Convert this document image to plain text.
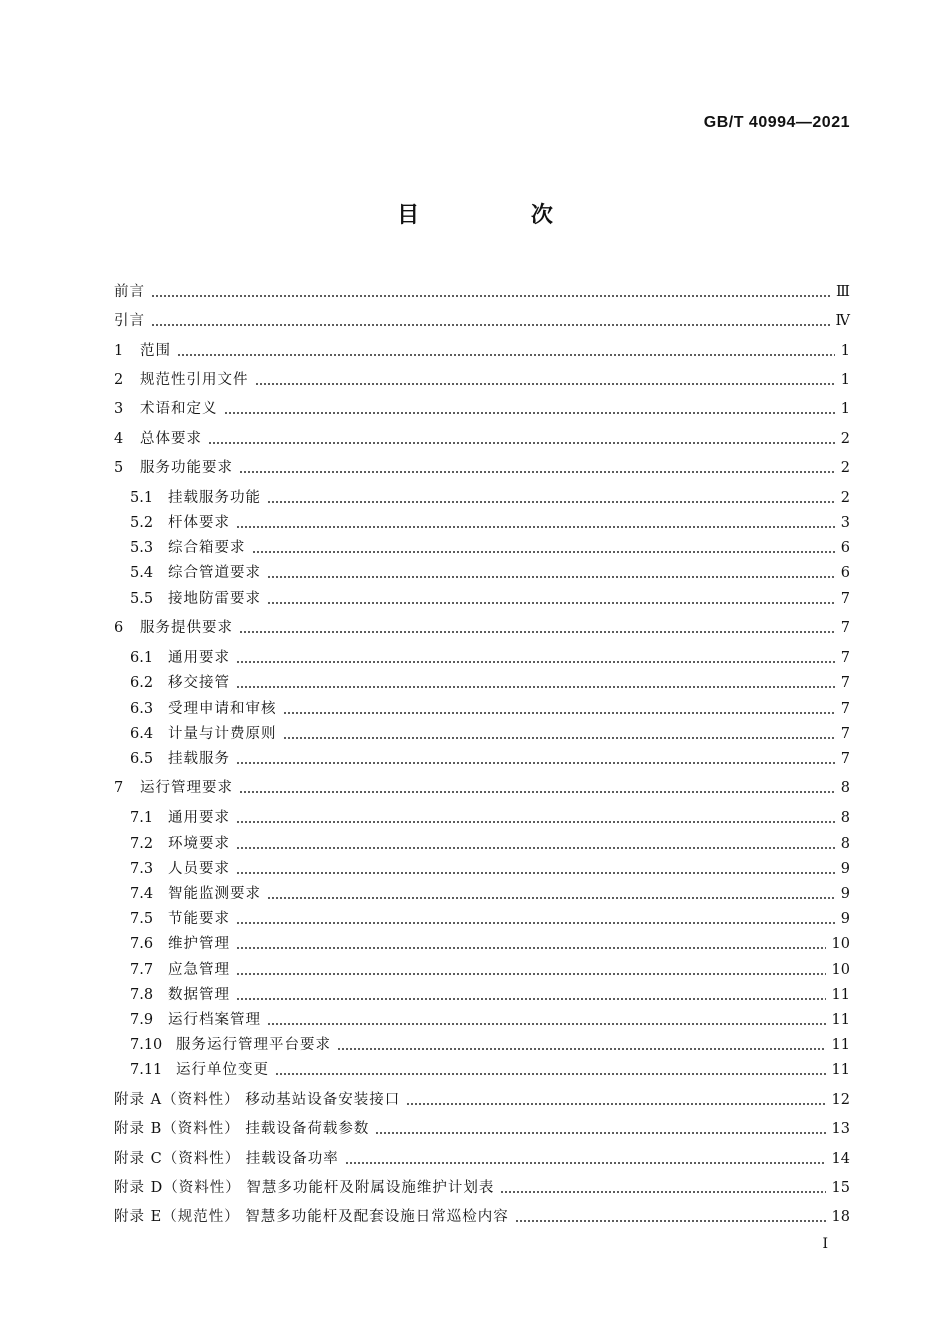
GB/T 40994—2021
目 次
前言	Ⅲ
引言	Ⅳ
1	范围	1
2	规范性引用文件	1
3	术语和定义	1
4	总体要求	2
5	服务功能要求	2
5.1	挂载服务功能	2
5.2	杆体要求	3
5.3	综合箱要求	6
5.4	综合管道要求	6
5.5	接地防雷要求	7
6	服务提供要求	7
6.1	通用要求	7
6.2	移交接管	7
6.3	受理申请和审核	7
6.4	计量与计费原则	7
6.5	挂载服务	7
7	运行管理要求	8
7.1	通用要求	8
7.2	环境要求	8
7.3	人员要求	9
7.4	智能监测要求	9
7.5	节能要求	9
7.6	维护管理	10
7.7	应急管理	10
7.8	数据管理	11
7.9	运行档案管理	11
7.10 服务运行管理平台要求	11
7.11 运行单位变更	11
附录 A（资料性） 移动基站设备安装接口	12
附录 B（资料性） 挂载设备荷载参数	13
附录 C（资料性） 挂载设备功率	14
附录 D（资料性） 智慧多功能杆及附属设施维护计划表	15
附录 E（规范性） 智慧多功能杆及配套设施日常巡检内容	18
I
